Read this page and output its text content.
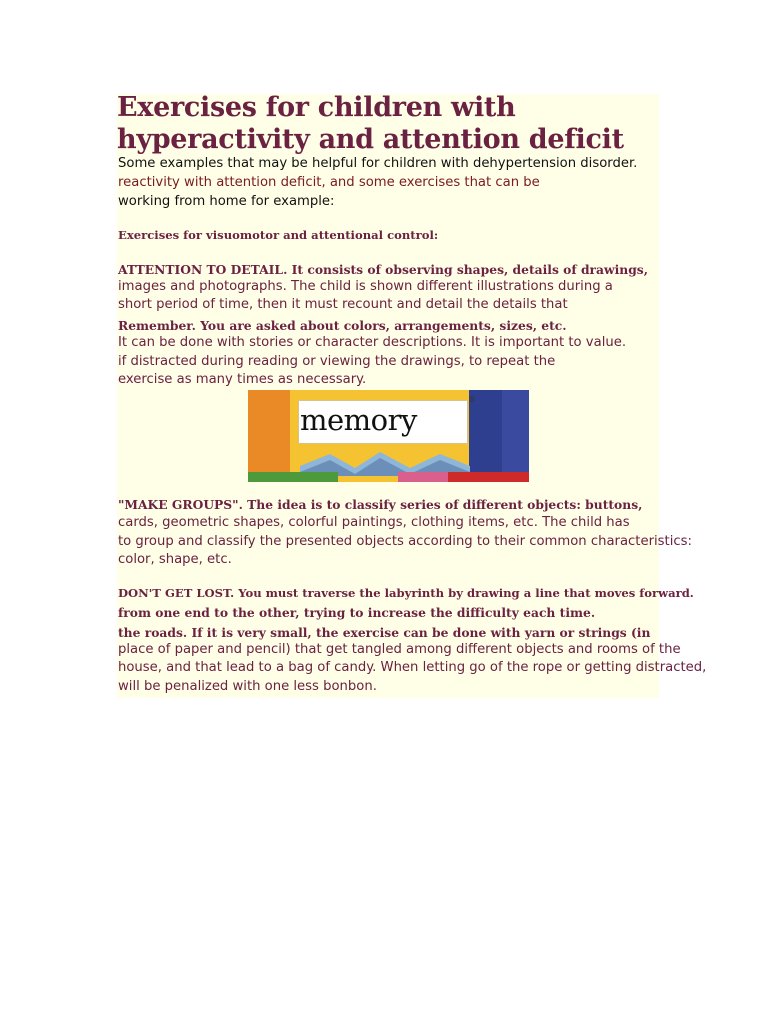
Exercises for children with hyperactivity and attention deficit

Some examples that may be helpful for children with dehypertension disorder.

reactivity with attention deficit, and some exercises that can be

working from home for example:

Exercises for visuomotor and attentional control:

ATTENTION TO DETAIL. It consists of observing shapes, details of drawings,

images and photographs. The child is shown different illustrations during a

short period of time, then it must recount and detail the details that

Remember. You are asked about colors, arrangements, sizes, etc.

It can be done with stories or character descriptions. It is important to value.

if distracted during reading or viewing the drawings, to repeat the

exercise as many times as necessary.

memory
®

"MAKE GROUPS". The idea is to classify series of different objects: buttons,

cards, geometric shapes, colorful paintings, clothing items, etc. The child has

to group and classify the presented objects according to their common characteristics:

color, shape, etc.

DON'T GET LOST. You must traverse the labyrinth by drawing a line that moves forward.

from one end to the other, trying to increase the difficulty each time.

the roads. If it is very small, the exercise can be done with yarn or strings (in

place of paper and pencil) that get tangled among different objects and rooms of the

house, and that lead to a bag of candy. When letting go of the rope or getting distracted,

will be penalized with one less bonbon.
